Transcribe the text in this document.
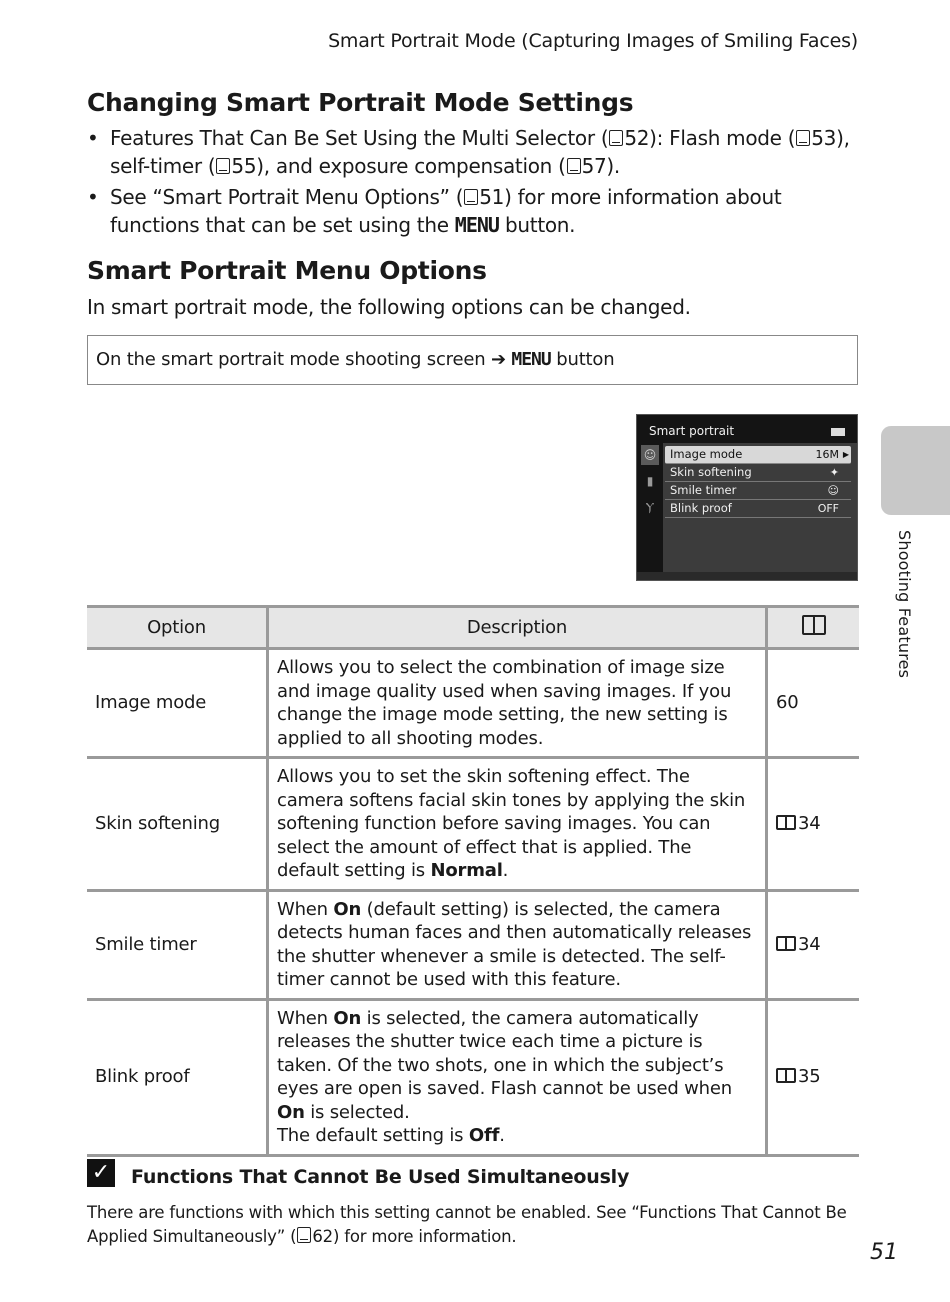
Smart Portrait Mode (Capturing Images of Smiling Faces)
Changing Smart Portrait Mode Settings
• Features That Can Be Set Using the Multi Selector ( 52): Flash mode ( 53), self-timer ( 55), and exposure compensation ( 57).
• See “Smart Portrait Menu Options” ( 51) for more information about functions that can be set using the MENU button.
Smart Portrait Menu Options
In smart portrait mode, the following options can be changed.
On the smart portrait mode shooting screen ➔ MENU button
Smart portrait
☺
▮
Ⲩ
Image mode	16M ▶
Skin softening	✦
Smile timer	☺
Blink proof	OFF
Shooting Features
Option	Description	
Image mode	Allows you to select the combination of image size and image quality used when saving images. If you change the image mode setting, the new setting is applied to all shooting modes.	60
Skin softening	Allows you to set the skin softening effect. The camera softens facial skin tones by applying the skin softening function before saving images. You can select the amount of effect that is applied. The default setting is Normal.	34
Smile timer	When On (default setting) is selected, the camera detects human faces and then automatically releases the shutter whenever a smile is detected. The self-timer cannot be used with this feature.	34
Blink proof	When On is selected, the camera automatically releases the shutter twice each time a picture is taken. Of the two shots, one in which the subject’s eyes are open is saved. Flash cannot be used when On is selected.
The default setting is Off.	35
✓ Functions That Cannot Be Used Simultaneously
There are functions with which this setting cannot be enabled. See “Functions That Cannot Be Applied Simultaneously” ( 62) for more information.
51
